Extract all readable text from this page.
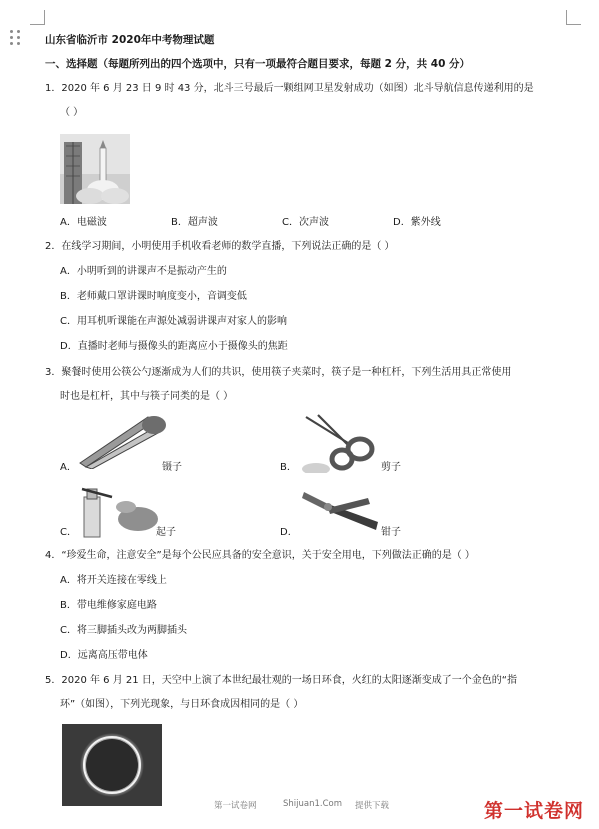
山东省临沂市 2020年中考物理试题
一、选择题（每题所列出的四个选项中，只有一项最符合题目要求，每题 2 分，共 40 分）
1．2020 年 6 月 23 日 9 时 43 分，北斗三号最后一颗组网卫星发射成功（如图）北斗导航信息传递利用的是
（ ）
A．电磁波	B．超声波	C．次声波	D．紫外线
2．在线学习期间，小明使用手机收看老师的数学直播，下列说法正确的是（ ）
A．小明听到的讲课声不是振动产生的
B．老师戴口罩讲课时响度变小，音调变低
C．用耳机听课能在声源处减弱讲课声对家人的影响
D．直播时老师与摄像头的距离应小于摄像头的焦距
3．聚餐时使用公筷公勺逐渐成为人们的共识，使用筷子夹菜时，筷子是一种杠杆，下列生活用具正常使用
时也是杠杆，其中与筷子同类的是（ ）
A．	镊子	B．	剪子
C．	起子	D．	钳子
4．“珍爱生命，注意安全”是每个公民应具备的安全意识，关于安全用电，下列做法正确的是（ ）
A．将开关连接在零线上
B．带电维修家庭电路
C．将三脚插头改为两脚插头
D．远离高压带电体
5．2020 年 6 月 21 日，天空中上演了本世纪最壮观的一场日环食，火红的太阳逐渐变成了一个金色的“指
环”（如图），下列光现象，与日环食成因相同的是（ ）
第一试卷网	Shijuan1.Com 提供下载	第一试卷网
